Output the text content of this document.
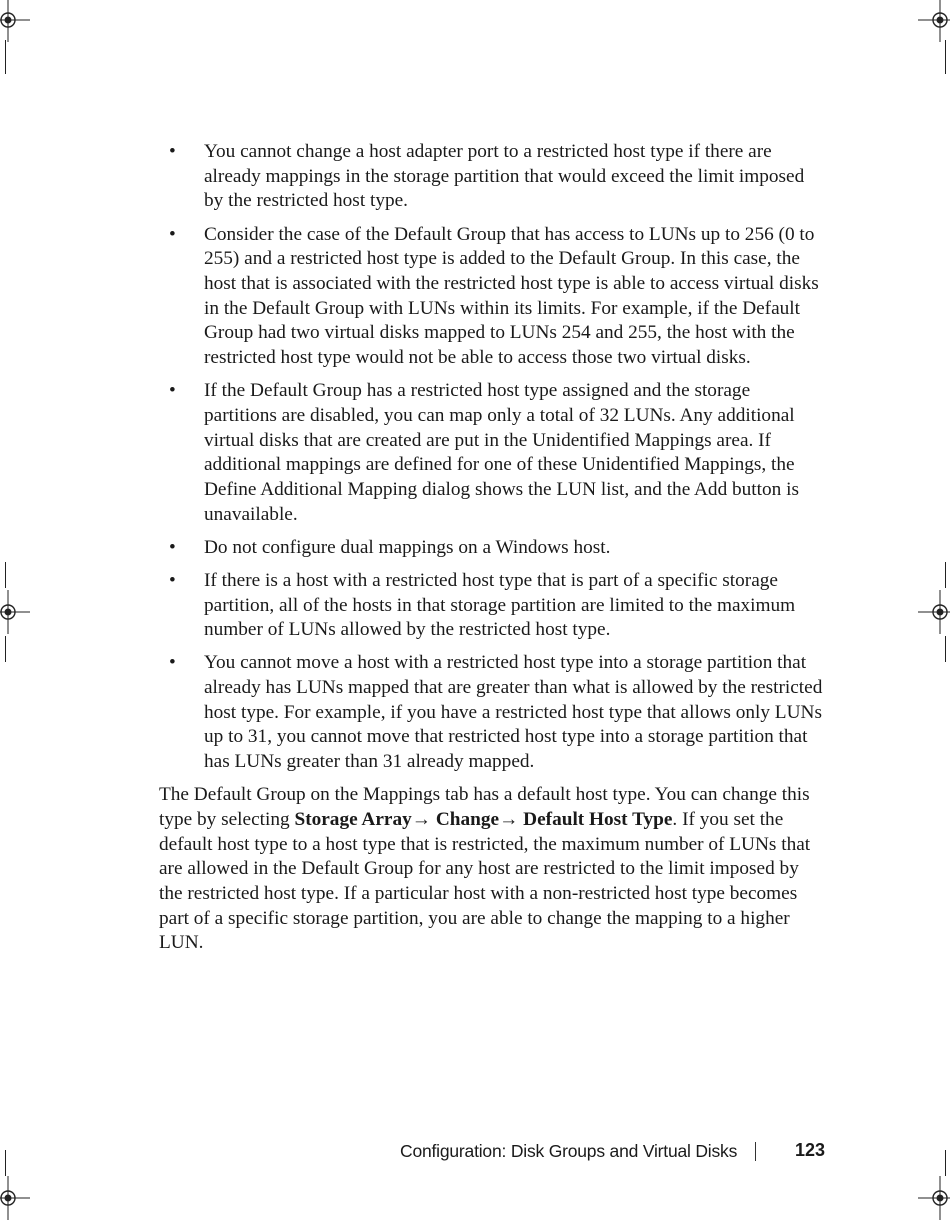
• You cannot change a host adapter port to a restricted host type if there are already mappings in the storage partition that would exceed the limit imposed by the restricted host type.
• Consider the case of the Default Group that has access to LUNs up to 256 (0 to 255) and a restricted host type is added to the Default Group. In this case, the host that is associated with the restricted host type is able to access virtual disks in the Default Group with LUNs within its limits. For example, if the Default Group had two virtual disks mapped to LUNs 254 and 255, the host with the restricted host type would not be able to access those two virtual disks.
• If the Default Group has a restricted host type assigned and the storage partitions are disabled, you can map only a total of 32 LUNs. Any additional virtual disks that are created are put in the Unidentified Mappings area. If additional mappings are defined for one of these Unidentified Mappings, the Define Additional Mapping dialog shows the LUN list, and the Add button is unavailable.
• Do not configure dual mappings on a Windows host.
• If there is a host with a restricted host type that is part of a specific storage partition, all of the hosts in that storage partition are limited to the maximum number of LUNs allowed by the restricted host type.
• You cannot move a host with a restricted host type into a storage partition that already has LUNs mapped that are greater than what is allowed by the restricted host type. For example, if you have a restricted host type that allows only LUNs up to 31, you cannot move that restricted host type into a storage partition that has LUNs greater than 31 already mapped.

The Default Group on the Mappings tab has a default host type. You can change this type by selecting Storage Array→ Change→ Default Host Type. If you set the default host type to a host type that is restricted, the maximum number of LUNs that are allowed in the Default Group for any host are restricted to the limit imposed by the restricted host type. If a particular host with a non-restricted host type becomes part of a specific storage partition, you are able to change the mapping to a higher LUN.

Configuration: Disk Groups and Virtual Disks	123
